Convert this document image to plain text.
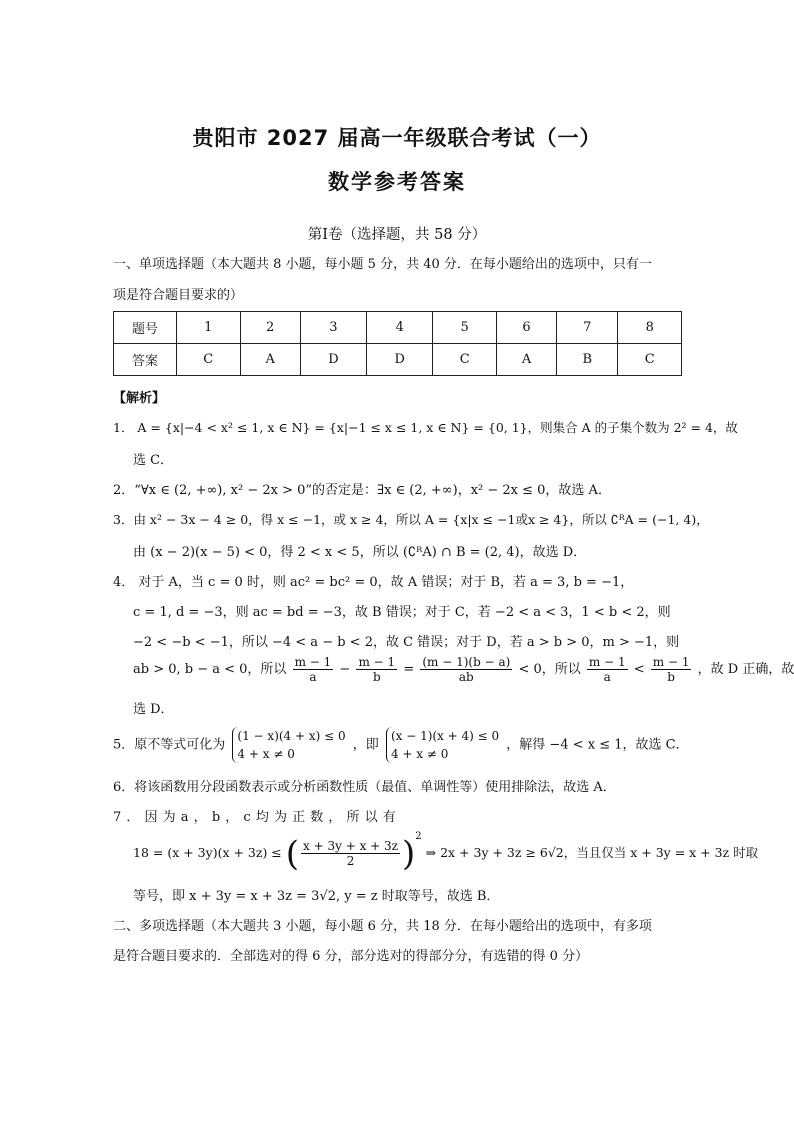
贵阳市 2027 届高一年级联合考试（一）
数学参考答案
第Ⅰ卷（选择题，共 58 分）
一、单项选择题（本大题共 8 小题，每小题 5 分，共 40 分．在每小题给出的选项中，只有一
项是符合题目要求的）
题号	1	2	3	4	5	6	7	8
答案	C	A	D	D	C	A	B	C
【解析】
1． A = {x|−4 < x² ≤ 1, x ∈ N} = {x|−1 ≤ x ≤ 1, x ∈ N} = {0, 1}，则集合 A 的子集个数为 2² = 4，故
选 C．
2．“∀x ∈ (2, +∞), x² − 2x > 0”的否定是：∃x ∈ (2, +∞)，x² − 2x ≤ 0，故选 A．
3．由 x² − 3x − 4 ≥ 0，得 x ≤ −1，或 x ≥ 4，所以 A = {x|x ≤ −1或x ≥ 4}，所以 ∁ᴿA = (−1, 4)，
由 (x − 2)(x − 5) < 0，得 2 < x < 5，所以 (∁ᴿA) ∩ B = (2, 4)，故选 D．
4． 对于 A，当 c = 0 时，则 ac² = bc² = 0，故 A 错误；对于 B，若 a = 3, b = −1，
c = 1, d = −3，则 ac = bd = −3，故 B 错误；对于 C，若 −2 < a < 3，1 < b < 2，则
−2 < −b < −1，所以 −4 < a − b < 2，故 C 错误；对于 D，若 a > b > 0，m > −1，则
ab > 0, b − a < 0，所以 $\frac{m - 1}{a} - \frac{m - 1}{b} = \frac{(m - 1)(b - a)}{ab} < 0$，所以 $\frac{m - 1}{a} < \frac{m - 1}{b}$ ，故 D 正确，故
选 D．
5．原不等式可化为
(1 − x)(4 + x) ≤ 0
4 + x ≠ 0
，即
(x − 1)(x + 4) ≤ 0
4 + x ≠ 0
，解得 −4 < x ≤ 1，故选 C．
6．将该函数用分段函数表示或分析函数性质（最值、单调性等）使用排除法，故选 A．
7 ． 因 为 a ， b ， c 均 为 正 数 ， 所 以 有
18 = (x + 3y)(x + 3z) ≤ ( $\frac{x + 3y + x + 3z}{2} )^2$ ⇒ 2x + 3y + 3z ≥ 6√2，当且仅当 x + 3y = x + 3z 时取
等号，即 x + 3y = x + 3z = 3√2, y = z 时取等号，故选 B．
二、多项选择题（本大题共 3 小题，每小题 6 分，共 18 分．在每小题给出的选项中，有多项
是符合题目要求的．全部选对的得 6 分，部分选对的得部分分，有选错的得 0 分）
